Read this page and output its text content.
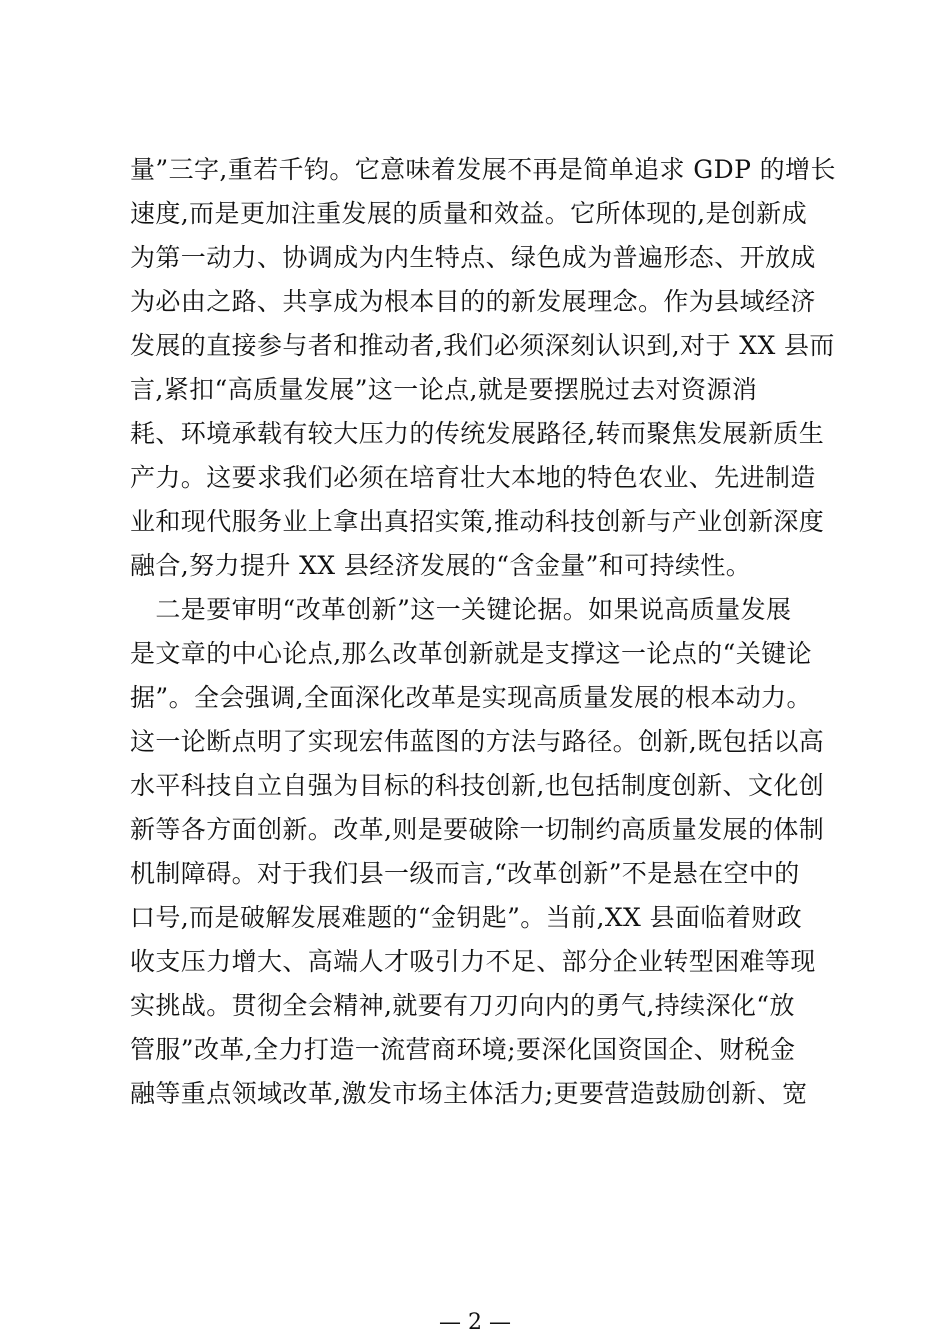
量”三字,重若千钧。它意味着发展不再是简单追求 GDP 的增长
速度,而是更加注重发展的质量和效益。它所体现的,是创新成
为第一动力、协调成为内生特点、绿色成为普遍形态、开放成
为必由之路、共享成为根本目的的新发展理念。作为县域经济
发展的直接参与者和推动者,我们必须深刻认识到,对于 XX 县而
言,紧扣“高质量发展”这一论点,就是要摆脱过去对资源消
耗、环境承载有较大压力的传统发展路径,转而聚焦发展新质生
产力。这要求我们必须在培育壮大本地的特色农业、先进制造
业和现代服务业上拿出真招实策,推动科技创新与产业创新深度
融合,努力提升 XX 县经济发展的“含金量”和可持续性。
　二是要审明“改革创新”这一关键论据。如果说高质量发展
是文章的中心论点,那么改革创新就是支撑这一论点的“关键论
据”。全会强调,全面深化改革是实现高质量发展的根本动力。
这一论断点明了实现宏伟蓝图的方法与路径。创新,既包括以高
水平科技自立自强为目标的科技创新,也包括制度创新、文化创
新等各方面创新。改革,则是要破除一切制约高质量发展的体制
机制障碍。对于我们县一级而言,“改革创新”不是悬在空中的
口号,而是破解发展难题的“金钥匙”。当前,XX 县面临着财政
收支压力增大、高端人才吸引力不足、部分企业转型困难等现
实挑战。贯彻全会精神,就要有刀刃向内的勇气,持续深化“放
管服”改革,全力打造一流营商环境;要深化国资国企、财税金
融等重点领域改革,激发市场主体活力;更要营造鼓励创新、宽
— 2 —
